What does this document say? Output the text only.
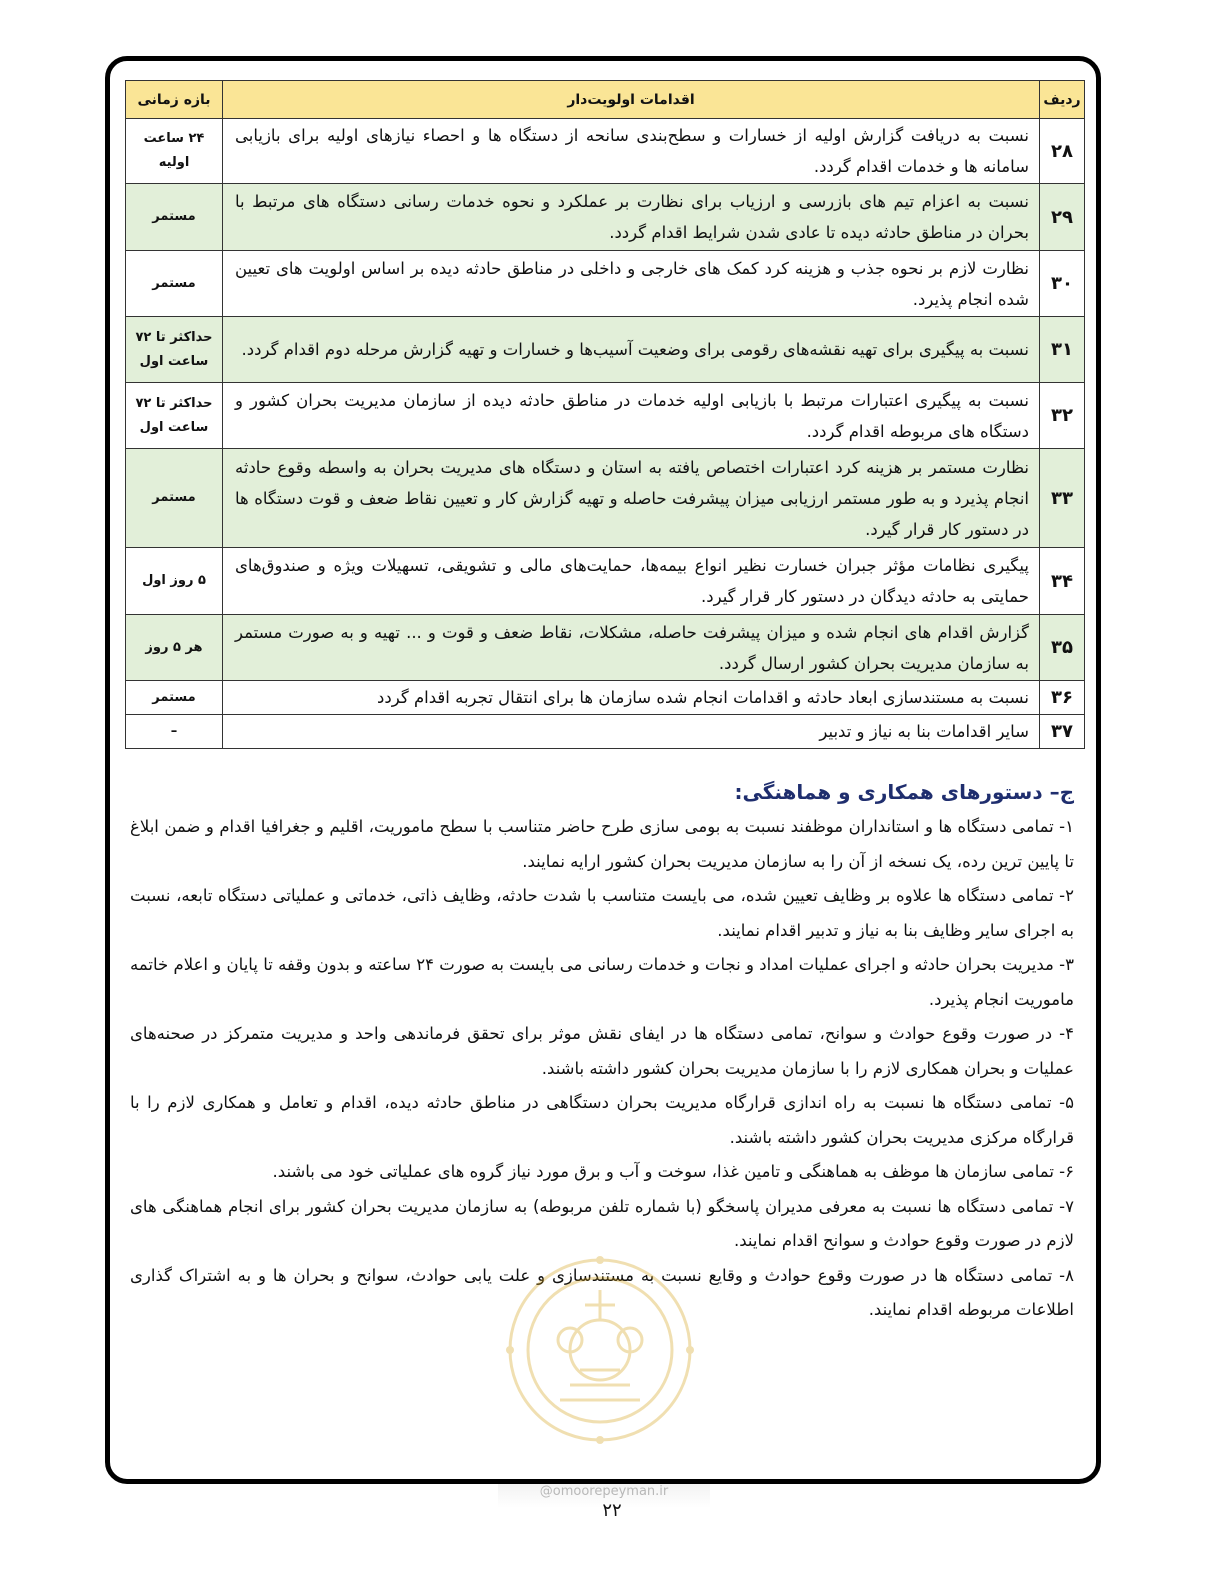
ردیف	اقدامات اولویت‌دار	بازه زمانی
۲۸	نسبت به دریافت گزارش اولیه از خسارات و سطح‌بندی سانحه از دستگاه ها و احصاء نیازهای اولیه برای بازیابی سامانه ها و خدمات اقدام گردد.	۲۴ ساعت اولیه
۲۹	نسبت به اعزام تیم های بازرسی و ارزیاب برای نظارت بر عملکرد و نحوه خدمات رسانی دستگاه های مرتبط با بحران در مناطق حادثه دیده تا عادی شدن شرایط اقدام گردد.	مستمر
۳۰	نظارت لازم بر نحوه جذب و هزینه کرد کمک های خارجی و داخلی در مناطق حادثه دیده بر اساس اولویت های تعیین شده انجام پذیرد.	مستمر
۳۱	نسبت به پیگیری برای تهیه نقشه‌های رقومی برای وضعیت آسیب‌ها و خسارات و تهیه گزارش مرحله دوم اقدام گردد.	حداکثر تا ۷۲ ساعت اول
۳۲	نسبت به پیگیری اعتبارات مرتبط با بازیابی اولیه خدمات در مناطق حادثه دیده از سازمان مدیریت بحران کشور و دستگاه های مربوطه اقدام گردد.	حداکثر تا ۷۲ ساعت اول
۳۳	نظارت مستمر بر هزینه کرد اعتبارات اختصاص یافته به استان و دستگاه های مدیریت بحران به واسطه وقوع حادثه انجام پذیرد و به طور مستمر ارزیابی میزان پیشرفت حاصله و تهیه گزارش کار و تعیین نقاط ضعف و قوت دستگاه ها در دستور کار قرار گیرد.	مستمر
۳۴	پیگیری نظامات مؤثر جبران خسارت نظیر انواع بیمه‌ها، حمایت‌های مالی و تشویقی، تسهیلات ویژه و صندوق‌های حمایتی به حادثه دیدگان در دستور کار قرار گیرد.	۵ روز اول
۳۵	گزارش اقدام های انجام شده و میزان پیشرفت حاصله، مشکلات، نقاط ضعف و قوت و ... تهیه و به صورت مستمر به سازمان مدیریت بحران کشور ارسال گردد.	هر ۵ روز
۳۶	نسبت به مستندسازی ابعاد حادثه و اقدامات انجام شده سازمان ها برای انتقال تجربه اقدام گردد	مستمر
۳۷	سایر اقدامات بنا به نیاز و تدبیر	–
ج– دستورهای همکاری و هماهنگی:

۱- تمامی دستگاه ها و استانداران موظفند نسبت به بومی سازی طرح حاضر متناسب با سطح ماموریت، اقلیم و جغرافیا اقدام و ضمن ابلاغ تا پایین ترین رده، یک نسخه از آن را به سازمان مدیریت بحران کشور ارایه نمایند.

۲- تمامی دستگاه ها علاوه بر وظایف تعیین شده، می بایست متناسب با شدت حادثه، وظایف ذاتی، خدماتی و عملیاتی دستگاه تابعه، نسبت به اجرای سایر وظایف بنا به نیاز و تدبیر اقدام نمایند.

۳- مدیریت بحران حادثه و اجرای عملیات امداد و نجات و خدمات رسانی می بایست به صورت ۲۴ ساعته و بدون وقفه تا پایان و اعلام خاتمه ماموریت انجام پذیرد.

۴- در صورت وقوع حوادث و سوانح، تمامی دستگاه ها در ایفای نقش موثر برای تحقق فرماندهی واحد و مدیریت متمرکز در صحنه‌های عملیات و بحران همکاری لازم را با سازمان مدیریت بحران کشور داشته باشند.

۵- تمامی دستگاه ها نسبت به راه اندازی قرارگاه مدیریت بحران دستگاهی در مناطق حادثه دیده، اقدام و تعامل و همکاری لازم را با قرارگاه مرکزی مدیریت بحران کشور داشته باشند.

۶- تمامی سازمان ها موظف به هماهنگی و تامین غذا، سوخت و آب و برق مورد نیاز گروه های عملیاتی خود می باشند.

۷- تمامی دستگاه ها نسبت به معرفی مدیران پاسخگو (با شماره تلفن مربوطه) به سازمان مدیریت بحران کشور برای انجام هماهنگی های لازم در صورت وقوع حوادث و سوانح اقدام نمایند.

۸- تمامی دستگاه ها در صورت وقوع حوادث و وقایع نسبت به مستندسازی و علت یابی حوادث، سوانح و بحران ها و به اشتراک گذاری اطلاعات مربوطه اقدام نمایند.

@omoorepeyman.ir
۲۲
